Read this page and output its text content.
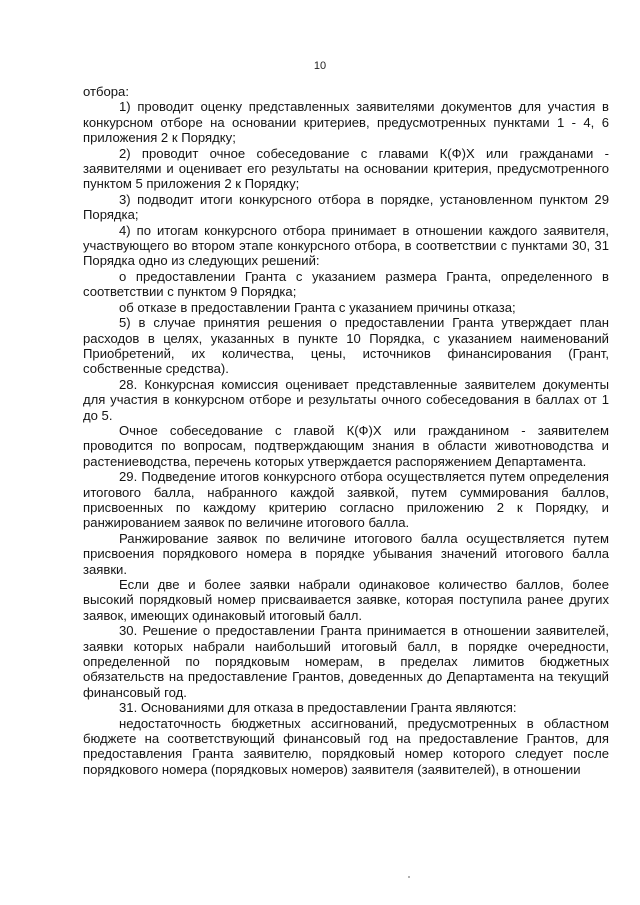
10

отбора:

1) проводит оценку представленных заявителями документов для участия в конкурсном отборе на основании критериев, предусмотренных пунктами 1 - 4, 6 приложения 2 к Порядку;

2) проводит очное собеседование с главами К(Ф)Х или гражданами - заявителями и оценивает его результаты на основании критерия, предусмотренного пунктом 5 приложения 2 к Порядку;

3) подводит итоги конкурсного отбора в порядке, установленном пунктом 29 Порядка;

4) по итогам конкурсного отбора принимает в отношении каждого заявителя, участвующего во втором этапе конкурсного отбора, в соответствии с пунктами 30, 31 Порядка одно из следующих решений:

о предоставлении Гранта с указанием размера Гранта, определенного в соответствии с пунктом 9 Порядка;

об отказе в предоставлении Гранта с указанием причины отказа;

5) в случае принятия решения о предоставлении Гранта утверждает план расходов в целях, указанных в пункте 10 Порядка, с указанием наименований Приобретений, их количества, цены, источников финансирования (Грант, собственные средства).

28. Конкурсная комиссия оценивает представленные заявителем документы для участия в конкурсном отборе и результаты очного собеседования в баллах от 1 до 5.

Очное собеседование с главой К(Ф)Х или гражданином - заявителем проводится по вопросам, подтверждающим знания в области животноводства и растениеводства, перечень которых утверждается распоряжением Департамента.

29. Подведение итогов конкурсного отбора осуществляется путем определения итогового балла, набранного каждой заявкой, путем суммирования баллов, присвоенных по каждому критерию согласно приложению 2 к Порядку, и ранжированием заявок по величине итогового балла.

Ранжирование заявок по величине итогового балла осуществляется путем присвоения порядкового номера в порядке убывания значений итогового балла заявки.

Если две и более заявки набрали одинаковое количество баллов, более высокий порядковый номер присваивается заявке, которая поступила ранее других заявок, имеющих одинаковый итоговый балл.

30. Решение о предоставлении Гранта принимается в отношении заявителей, заявки которых набрали наибольший итоговый балл, в порядке очередности, определенной по порядковым номерам, в пределах лимитов бюджетных обязательств на предоставление Грантов, доведенных до Департамента на текущий финансовый год.

31. Основаниями для отказа в предоставлении Гранта являются:

недостаточность бюджетных ассигнований, предусмотренных в областном бюджете на соответствующий финансовый год на предоставление Грантов, для предоставления Гранта заявителю, порядковый номер которого следует после порядкового номера (порядковых номеров) заявителя (заявителей), в отношении
